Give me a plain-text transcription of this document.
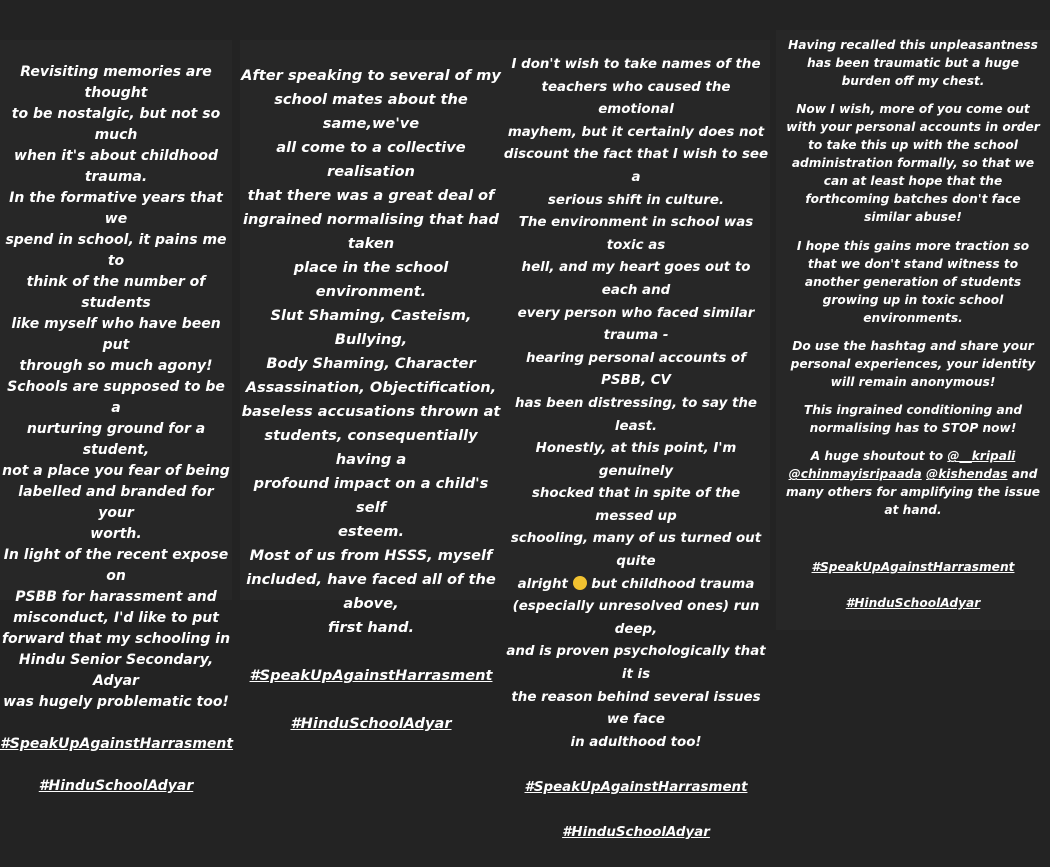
Revisiting memories are thought
to be nostalgic, but not so much
when it's about childhood
trauma.

In the formative years that we
spend in school, it pains me to
think of the number of students
like myself who have been put
through so much agony!
Schools are supposed to be a
nurturing ground for a student,
not a place you fear of being
labelled and branded for your
worth.

In light of the recent expose on
PSBB for harassment and
misconduct, I'd like to put
forward that my schooling in
Hindu Senior Secondary, Adyar
was hugely problematic too!

#SpeakUpAgainstHarrasment

#HinduSchoolAdyar

After speaking to several of my
school mates about the same,we've
all come to a collective realisation
that there was a great deal of
ingrained normalising that had taken
place in the school environment.

Slut Shaming, Casteism, Bullying,
Body Shaming, Character
Assassination, Objectification,
baseless accusations thrown at
students, consequentially having a
profound impact on a child's self
esteem.

Most of us from HSSS, myself
included, have faced all of the above,
first hand.

#SpeakUpAgainstHarrasment

#HinduSchoolAdyar

I don't wish to take names of the
teachers who caused the emotional
mayhem, but it certainly does not
discount the fact that I wish to see a
serious shift in culture.

The environment in school was toxic as
hell, and my heart goes out to each and
every person who faced similar trauma -
hearing personal accounts of PSBB, CV
has been distressing, to say the least.

Honestly, at this point, I'm genuinely
shocked that in spite of the messed up
schooling, many of us turned out quite
alright  but childhood trauma
(especially unresolved ones) run deep,
and is proven psychologically that it is
the reason behind several issues we face
in adulthood too!

#SpeakUpAgainstHarrasment

#HinduSchoolAdyar

Having recalled this unpleasantness
has been traumatic but a huge
burden off my chest.

Now I wish, more of you come out
with your personal accounts in order
to take this up with the school
administration formally, so that we
can at least hope that the
forthcoming batches don't face
similar abuse!

I hope this gains more traction so
that we don't stand witness to
another generation of students
growing up in toxic school
environments.

Do use the hashtag and share your
personal experiences, your identity
will remain anonymous!

This ingrained conditioning and
normalising has to STOP now!

A huge shoutout to @__kripali
@chinmayisripaada @kishendas and
many others for amplifying the issue
at hand.

#SpeakUpAgainstHarrasment

#HinduSchoolAdyar
